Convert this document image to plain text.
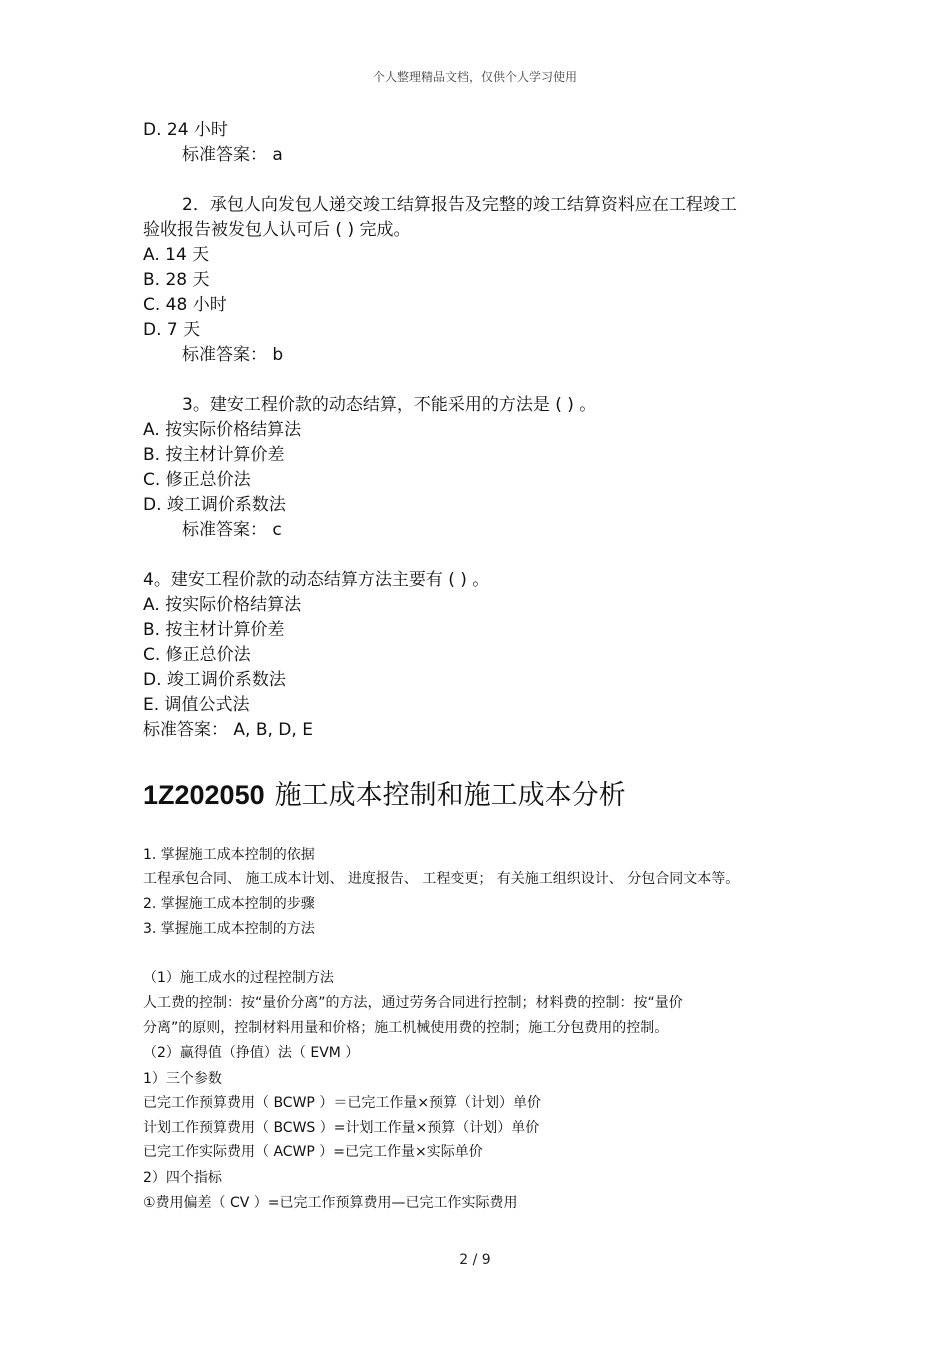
个人整理精品文档，仅供个人学习使用
D. 24 小时
标准答案： a
2．承包人向发包人递交竣工结算报告及完整的竣工结算资料应在工程竣工
验收报告被发包人认可后 ( ) 完成。
A. 14 天
B. 28 天
C. 48 小时
D. 7 天
标准答案： b
3。建安工程价款的动态结算，不能采用的方法是 ( ) 。
A. 按实际价格结算法
B. 按主材计算价差
C. 修正总价法
D. 竣工调价系数法
标准答案： c
4。建安工程价款的动态结算方法主要有 ( ) 。
A. 按实际价格结算法
B. 按主材计算价差
C. 修正总价法
D. 竣工调价系数法
E. 调值公式法
标准答案： A, B, D, E
1Z202050 施工成本控制和施工成本分析
1. 掌握施工成本控制的依据
工程承包合同、 施工成本计划、 进度报告、 工程变更； 有关施工组织设计、 分包合同文本等。
2. 掌握施工成本控制的步骤
3. 掌握施工成本控制的方法
（1）施工成水的过程控制方法
人工费的控制：按“量价分离”的方法，通过劳务合同进行控制；材料费的控制：按“量价
分离”的原则，控制材料用量和价格；施工机械使用费的控制；施工分包费用的控制。
（2）赢得值（挣值）法（ EVM ）
1）三个参数
已完工作预算费用（ BCWP ）＝已完工作量×预算（计划）单价
计划工作预算费用（ BCWS ）=计划工作量×预算（计划）单价
已完工作实际费用（ ACWP ）=已完工作量×实际单价
2）四个指标
①费用偏差（ CV ）=已完工作预算费用—已完工作实际费用
2 / 9
